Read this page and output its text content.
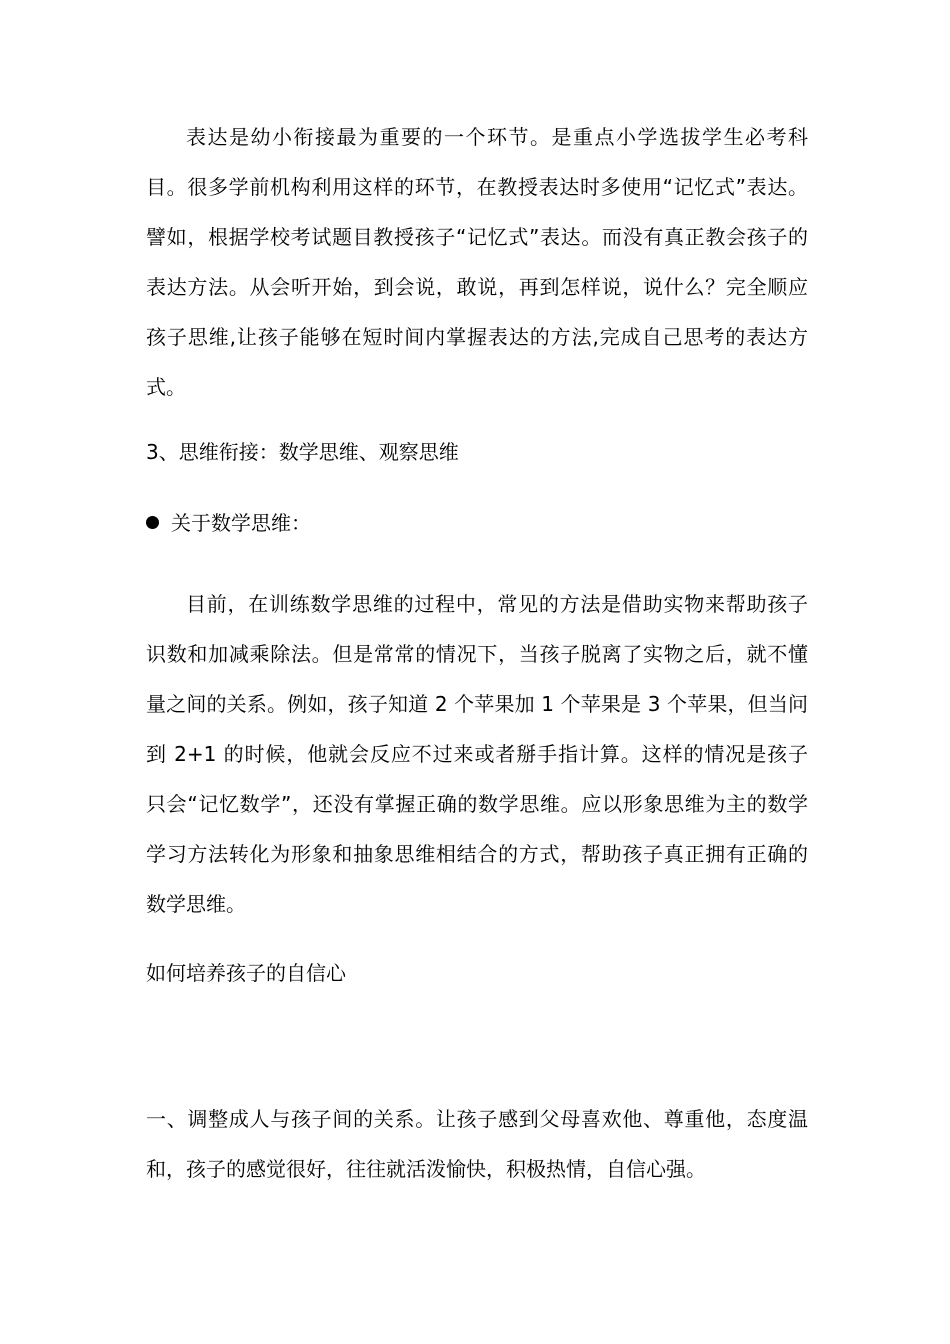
表达是幼小衔接最为重要的一个环节。是重点小学选拔学生必考科
目。很多学前机构利用这样的环节，在教授表达时多使用“记忆式”表达。
譬如，根据学校考试题目教授孩子“记忆式”表达。而没有真正教会孩子的
表达方法。从会听开始，到会说，敢说，再到怎样说，说什么？完全顺应
孩子思维,让孩子能够在短时间内掌握表达的方法,完成自己思考的表达方
式。

3、思维衔接：数学思维、观察思维

关于数学思维：
目前，在训练数学思维的过程中，常见的方法是借助实物来帮助孩子
识数和加减乘除法。但是常常的情况下，当孩子脱离了实物之后，就不懂
量之间的关系。例如，孩子知道 2 个苹果加 1 个苹果是 3 个苹果，但当问
到 2+1 的时候，他就会反应不过来或者掰手指计算。这样的情况是孩子
只会“记忆数学”，还没有掌握正确的数学思维。应以形象思维为主的数学
学习方法转化为形象和抽象思维相结合的方式，帮助孩子真正拥有正确的
数学思维。

如何培养孩子的自信心

一、调整成人与孩子间的关系。让孩子感到父母喜欢他、尊重他，态度温
和，孩子的感觉很好，往往就活泼愉快，积极热情，自信心强。
